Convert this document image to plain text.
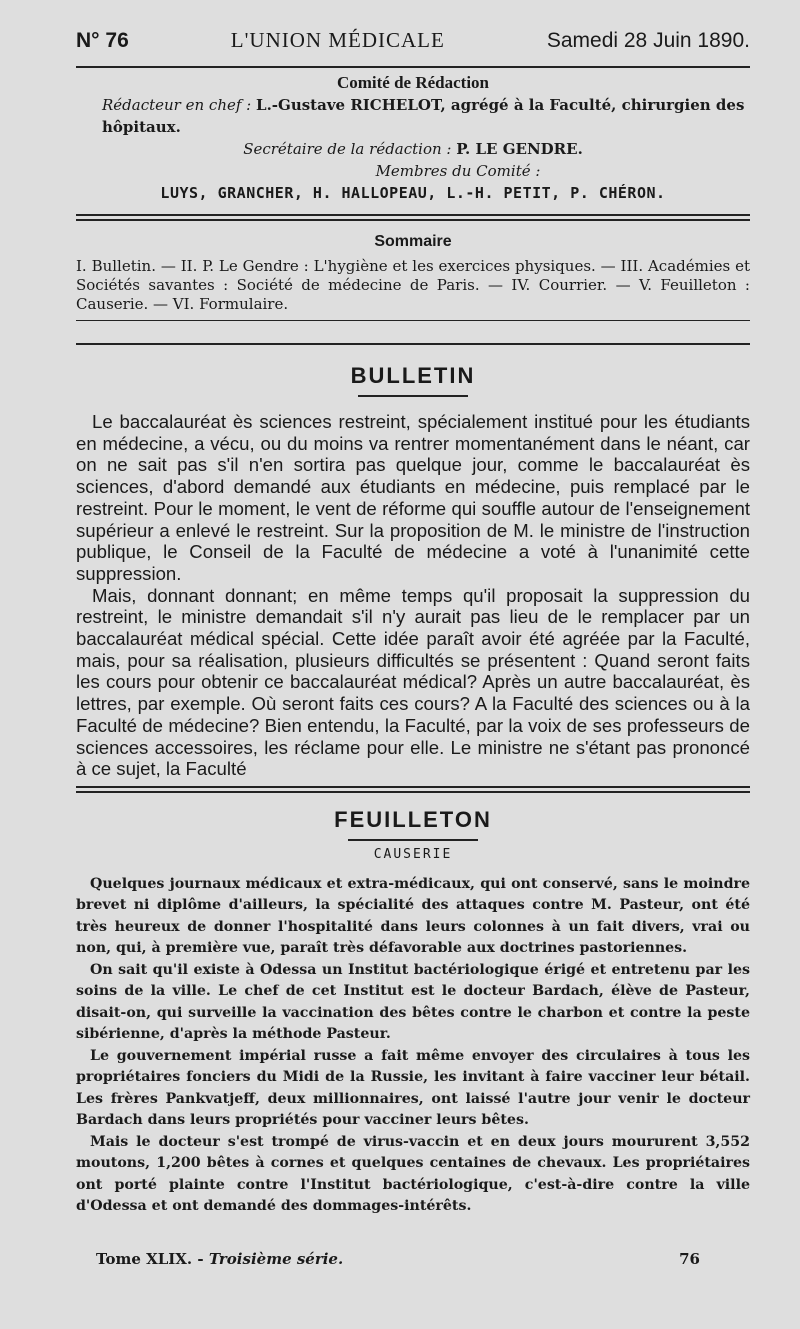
N° 76	L'UNION MÉDICALE	Samedi 28 Juin 1890.
Comité de Rédaction
Rédacteur en chef : L.-Gustave RICHELOT, agrégé à la Faculté, chirurgien des hôpitaux.
Secrétaire de la rédaction : P. LE GENDRE.
Membres du Comité :
LUYS, GRANCHER, H. HALLOPEAU, L.-H. PETIT, P. CHÉRON.
Sommaire
I. Bulletin. — II. P. Le Gendre : L'hygiène et les exercices physiques. — III. Académies et Sociétés savantes : Société de médecine de Paris. — IV. Courrier. — V. Feuilleton : Causerie. — VI. Formulaire.
BULLETIN

Le baccalauréat ès sciences restreint, spécialement institué pour les étudiants en médecine, a vécu, ou du moins va rentrer momentanément dans le néant, car on ne sait pas s'il n'en sortira pas quelque jour, comme le baccalauréat ès sciences, d'abord demandé aux étudiants en médecine, puis remplacé par le restreint. Pour le moment, le vent de réforme qui souffle autour de l'enseignement supérieur a enlevé le restreint. Sur la proposition de M. le ministre de l'instruction publique, le Conseil de la Faculté de médecine a voté à l'unanimité cette suppression.

Mais, donnant donnant; en même temps qu'il proposait la suppression du restreint, le ministre demandait s'il n'y aurait pas lieu de le remplacer par un baccalauréat médical spécial. Cette idée paraît avoir été agréée par la Faculté, mais, pour sa réalisation, plusieurs difficultés se présentent : Quand seront faits les cours pour obtenir ce baccalauréat médical? Après un autre baccalauréat, ès lettres, par exemple. Où seront faits ces cours? A la Faculté des sciences ou à la Faculté de médecine? Bien entendu, la Faculté, par la voix de ses professeurs de sciences accessoires, les réclame pour elle. Le ministre ne s'étant pas prononcé à ce sujet, la Faculté

FEUILLETON
CAUSERIE

Quelques journaux médicaux et extra-médicaux, qui ont conservé, sans le moindre brevet ni diplôme d'ailleurs, la spécialité des attaques contre M. Pasteur, ont été très heureux de donner l'hospitalité dans leurs colonnes à un fait divers, vrai ou non, qui, à première vue, paraît très défavorable aux doctrines pastoriennes.

On sait qu'il existe à Odessa un Institut bactériologique érigé et entretenu par les soins de la ville. Le chef de cet Institut est le docteur Bardach, élève de Pasteur, disait-on, qui surveille la vaccination des bêtes contre le charbon et contre la peste sibérienne, d'après la méthode Pasteur.

Le gouvernement impérial russe a fait même envoyer des circulaires à tous les propriétaires fonciers du Midi de la Russie, les invitant à faire vacciner leur bétail. Les frères Pankvatjeff, deux millionnaires, ont laissé l'autre jour venir le docteur Bardach dans leurs propriétés pour vacciner leurs bêtes.

Mais le docteur s'est trompé de virus-vaccin et en deux jours moururent 3,552 moutons, 1,200 bêtes à cornes et quelques centaines de chevaux. Les propriétaires ont porté plainte contre l'Institut bactériologique, c'est-à-dire contre la ville d'Odessa et ont demandé des dommages-intérêts.

Tome XLIX. - Troisième série.	76
